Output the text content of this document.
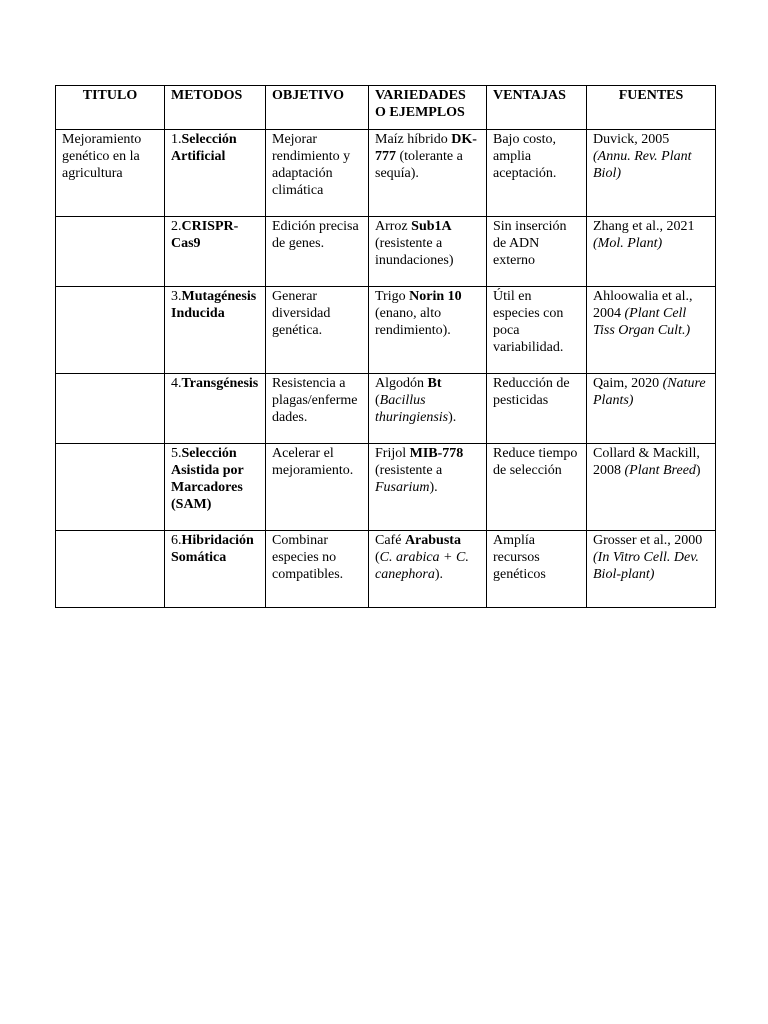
TITULO	METODOS	OBJETIVO	VARIEDADES O EJEMPLOS	VENTAJAS	FUENTES
Mejoramiento genético en la agricultura	1.Selección Artificial	Mejorar rendimiento y adaptación climática	Maíz híbrido DK-777 (tolerante a sequía).	Bajo costo, amplia aceptación.	Duvick, 2005 (Annu. Rev. Plant Biol)
	2.CRISPR-Cas9	Edición precisa de genes.	Arroz Sub1A (resistente a inundaciones)	Sin inserción de ADN externo	Zhang et al., 2021 (Mol. Plant)
	3.Mutagénesis Inducida	Generar diversidad genética.	Trigo Norin 10 (enano, alto rendimiento).	Útil en especies con poca variabilidad.	Ahloowalia et al., 2004 (Plant Cell Tiss Organ Cult.)
	4.Transgénesis	Resistencia a plagas/enfermedades.	Algodón Bt (Bacillus thuringiensis).	Reducción de pesticidas	Qaim, 2020 (Nature Plants)
	5.Selección Asistida por Marcadores (SAM)	Acelerar el mejoramiento.	Frijol MIB-778 (resistente a Fusarium).	Reduce tiempo de selección	Collard & Mackill, 2008 (Plant Breed)
	6.Hibridación Somática	Combinar especies no compatibles.	Café Arabusta (C. arabica + C. canephora).	Amplía recursos genéticos	Grosser et al., 2000 (In Vitro Cell. Dev. Biol-plant)
